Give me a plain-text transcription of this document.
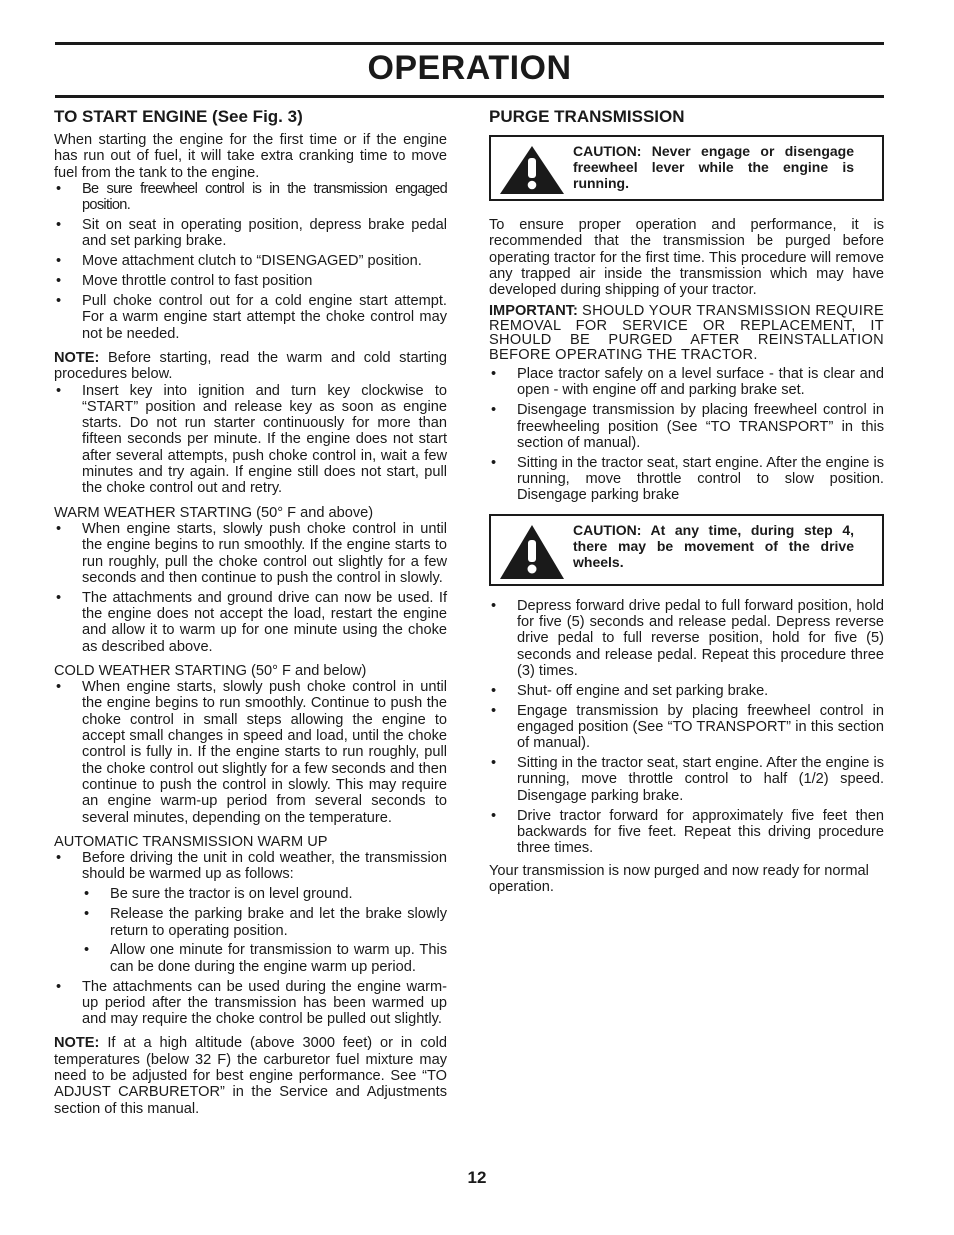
OPERATION
TO START ENGINE (See Fig. 3)

When starting the engine for the first time or if the engine has run out of fuel, it will take extra cranking time to move fuel from the tank to the engine.

• Be sure freewheel control is in the transmission engaged position.
• Sit on seat in operating position, depress brake pedal and set parking brake.
• Move attachment clutch to “DISENGAGED” position.
• Move throttle control to fast position
• Pull choke control out for a cold engine start attempt. For a warm engine start attempt the choke control may not be needed.

NOTE: Before starting, read the warm and cold starting procedures below.

• Insert key into ignition and turn key clockwise to “START” position and release key as soon as engine starts. Do not run starter continuously for more than fifteen seconds per minute. If the engine does not start after several attempts, push choke control in, wait a few minutes and try again. If engine still does not start, pull the choke control out and retry.

WARM WEATHER STARTING (50° F and above)

• When engine starts, slowly push choke control in until the engine begins to run smoothly. If the engine starts to run roughly, pull the choke control out slightly for a few seconds and then continue to push the control in slowly.
• The attachments and ground drive can now be used. If the engine does not accept the load, restart the engine and allow it to warm up for one minute using the choke as described above.

COLD WEATHER STARTING (50° F and below)

• When engine starts, slowly push choke control in until the engine begins to run smoothly. Continue to push the choke control in small steps allowing the engine to accept small changes in speed and load, until the choke control is fully in. If the engine starts to run roughly, pull the choke control out slightly for a few seconds and then continue to push the control in slowly. This may require an engine warm-up period from several seconds to several minutes, depending on the temperature.

AUTOMATIC TRANSMISSION WARM UP

• Before driving the unit in cold weather, the transmission should be warmed up as follows:
• Be sure the tractor is on level ground.
• Release the parking brake and let the brake slowly return to operating position.
• Allow one minute for transmission to warm up. This can be done during the engine warm up period.
• The attachments can be used during the engine warm-up period after the transmission has been warmed up and may require the choke control be pulled out slightly.

NOTE: If at a high altitude (above 3000 feet) or in cold temperatures (below 32 F) the carburetor fuel mixture may need to be adjusted for best engine performance. See “TO ADJUST CARBURETOR” in the Service and Adjustments section of this manual.

PURGE TRANSMISSION
CAUTION: Never engage or disengage freewheel lever while the engine is running.

To ensure proper operation and performance, it is recommended that the transmission be purged before operating tractor for the first time. This procedure will remove any trapped air inside the transmission which may have developed during shipping of your tractor.

IMPORTANT: SHOULD YOUR TRANSMISSION REQUIRE REMOVAL FOR SERVICE OR REPLACEMENT, IT SHOULD BE PURGED AFTER REINSTALLATION BEFORE OPERATING THE TRACTOR.

• Place tractor safely on a level surface - that is clear and open - with engine off and parking brake set.
• Disengage transmission by placing freewheel control in freewheeling position (See “TO TRANSPORT” in this section of manual).
• Sitting in the tractor seat, start engine. After the engine is running, move throttle control to slow position. Disengage parking brake
CAUTION: At any time, during step 4, there may be movement of the drive wheels.
• Depress forward drive pedal to full forward position, hold for five (5) seconds and release pedal. Depress reverse drive pedal to full reverse position, hold for five (5) seconds and release pedal. Repeat this procedure three (3) times.
• Shut- off engine and set parking brake.
• Engage transmission by placing freewheel control in engaged position (See “TO TRANSPORT” in this section of manual).
• Sitting in the tractor seat, start engine. After the engine is running, move throttle control to half (1/2) speed. Disengage parking brake.
• Drive tractor forward for approximately five feet then backwards for five feet. Repeat this driving procedure three times.

Your transmission is now purged and now ready for normal operation.

12
